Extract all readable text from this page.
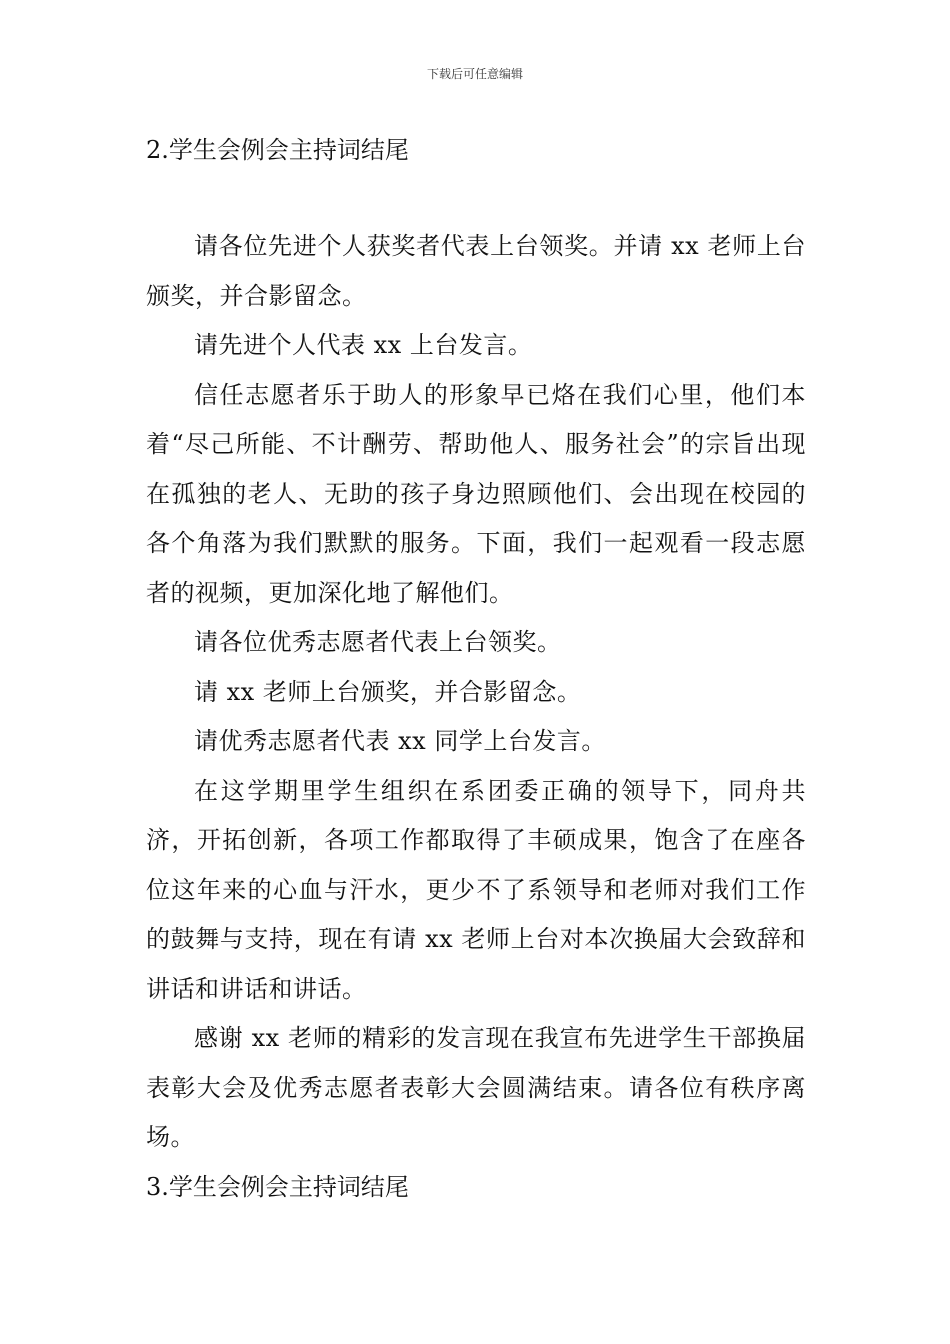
下载后可任意编辑

2.学生会例会主持词结尾

请各位先进个人获奖者代表上台领奖。并请 xx 老师上台颁奖，并合影留念。

请先进个人代表 xx 上台发言。

信任志愿者乐于助人的形象早已烙在我们心里，他们本着“尽己所能、不计酬劳、帮助他人、服务社会”的宗旨出现在孤独的老人、无助的孩子身边照顾他们、会出现在校园的各个角落为我们默默的服务。下面，我们一起观看一段志愿者的视频，更加深化地了解他们。

请各位优秀志愿者代表上台领奖。

请 xx 老师上台颁奖，并合影留念。

请优秀志愿者代表 xx 同学上台发言。

在这学期里学生组织在系团委正确的领导下，同舟共济，开拓创新，各项工作都取得了丰硕成果，饱含了在座各位这年来的心血与汗水，更少不了系领导和老师对我们工作的鼓舞与支持，现在有请 xx 老师上台对本次换届大会致辞和讲话和讲话和讲话。

感谢 xx 老师的精彩的发言现在我宣布先进学生干部换届表彰大会及优秀志愿者表彰大会圆满结束。请各位有秩序离场。

3.学生会例会主持词结尾
